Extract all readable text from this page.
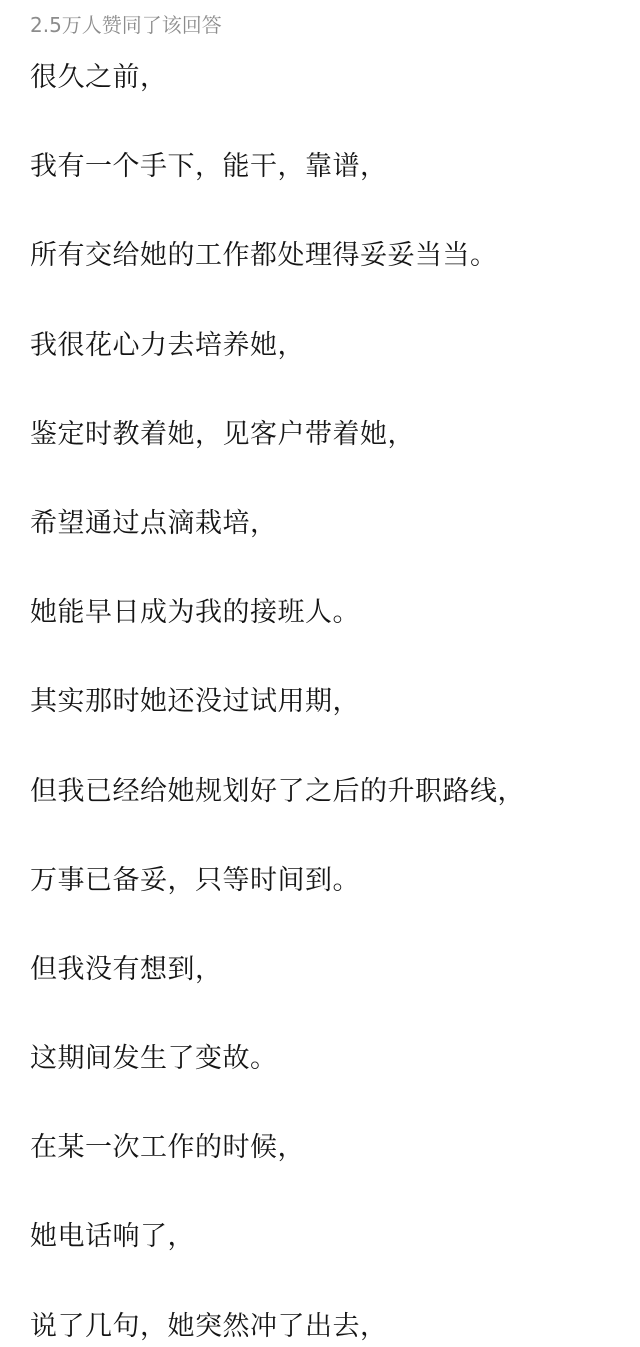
2.5万人赞同了该回答

很久之前，

我有一个手下，能干，靠谱，

所有交给她的工作都处理得妥妥当当。

我很花心力去培养她，

鉴定时教着她，见客户带着她，

希望通过点滴栽培，

她能早日成为我的接班人。

其实那时她还没过试用期，

但我已经给她规划好了之后的升职路线，

万事已备妥，只等时间到。

但我没有想到，

这期间发生了变故。

在某一次工作的时候，

她电话响了，

说了几句，她突然冲了出去，
